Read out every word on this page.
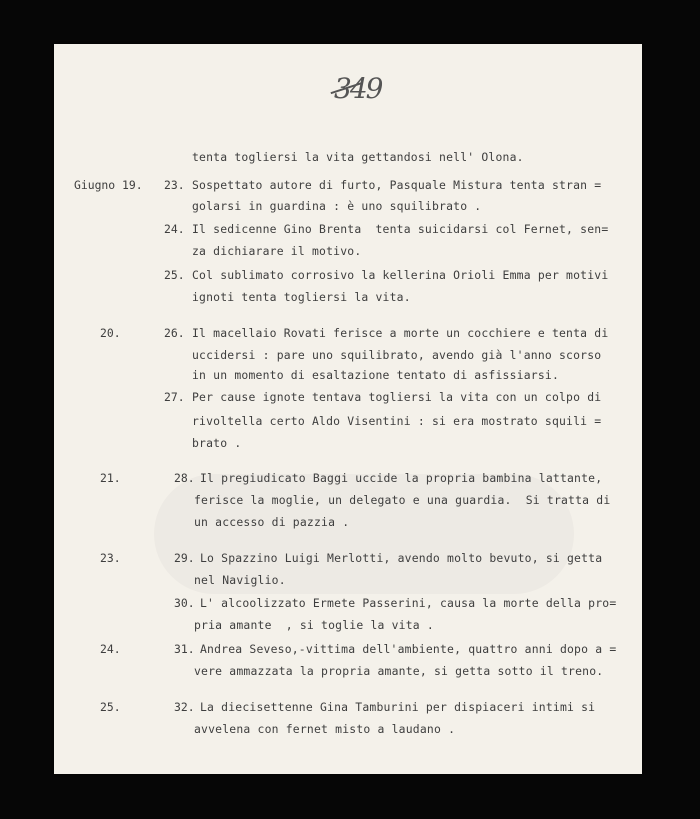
349
Giugno 19.
20.
21.
23.
24.
25.
23.
24.
25.
26.
27.
28.
29.
30.
31.
32.
tenta togliersi la vita gettandosi nell' Olona.
Sospettato autore di furto, Pasquale Mistura tenta stran =
golarsi in guardina : è uno squilibrato .
Il sedicenne Gino Brenta  tenta suicidarsi col Fernet, sen=
za dichiarare il motivo.
Col sublimato corrosivo la kellerina Orioli Emma per motivi
ignoti tenta togliersi la vita.
Il macellaio Rovati ferisce a morte un cocchiere e tenta di
uccidersi : pare uno squilibrato, avendo già l'anno scorso
in un momento di esaltazione tentato di asfissiarsi.
Per cause ignote tentava togliersi la vita con un colpo di
rivoltella certo Aldo Visentini : si era mostrato squili =
brato .
Il pregiudicato Baggi uccide la propria bambina lattante,
ferisce la moglie, un delegato e una guardia.  Si tratta di
un accesso di pazzia .
Lo Spazzino Luigi Merlotti, avendo molto bevuto, si getta
nel Naviglio.
L' alcoolizzato Ermete Passerini, causa la morte della pro=
pria amante  , si toglie la vita .
Andrea Seveso,-vittima dell'ambiente, quattro anni dopo a =
vere ammazzata la propria amante, si getta sotto il treno.
La diecisettenne Gina Tamburini per dispiaceri intimi si
avvelena con fernet misto a laudano .
